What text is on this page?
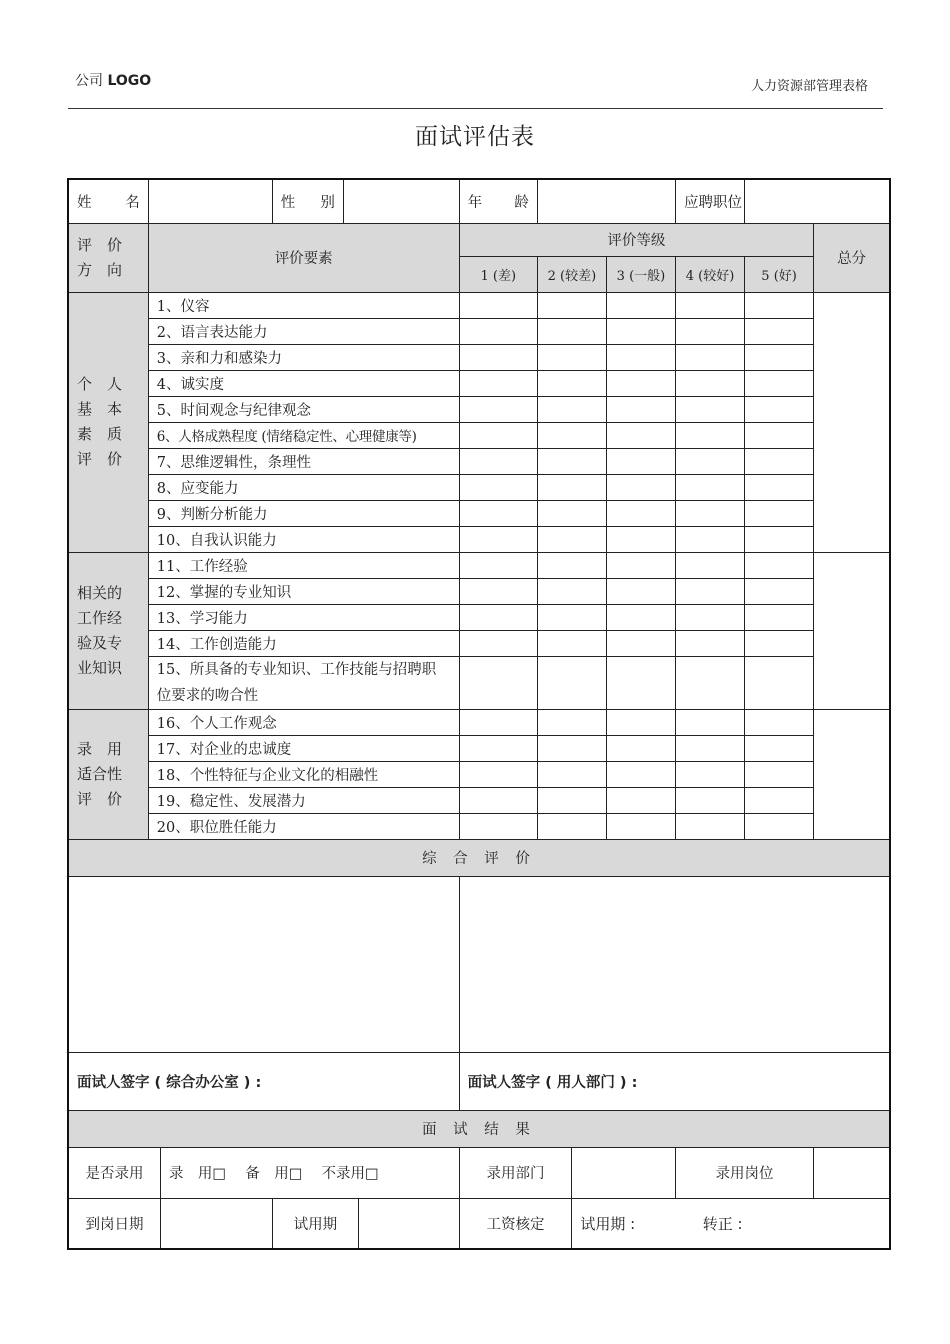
公司 LOGO	人力资源部管理表格
面试评估表
姓　名			性　别			年　龄				应聘职位		
评　价
方　向	评价要素					评价等级						总分
						1 (差)	2 (较差)		3 (一般)	4 (较好)	5 (好)	
个　人
基　本
素　质
评　价	1、仪容											
	2、语言表达能力											
	3、亲和力和感染力											
	4、诚实度											
	5、时间观念与纪律观念											
	6、人格成熟程度 (情绪稳定性、心理健康等)											
	7、思维逻辑性，条理性											
	8、应变能力											
	9、判断分析能力											
	10、自我认识能力											
相关的
工作经
验及专
业知识	11、工作经验											
	12、掌握的专业知识											
	13、学习能力											
	14、工作创造能力											
	15、所具备的专业知识、工作技能与招聘职位要求的吻合性											
录　用
适合性
评　价	16、个人工作观念											
	17、对企业的忠诚度											
	18、个性特征与企业文化的相融性											
	19、稳定性、发展潜力											
	20、职位胜任能力											
综 合 评 价												

面试人签字 ( 综合办公室 ) :						面试人签字 ( 用人部门 ) :						
面 试 结 果												
是否录用		录　用□　 备　用□　 不录用□				录用部门				录用岗位		
到岗日期			试用期			工资核定		试用期 : 转正 :				
